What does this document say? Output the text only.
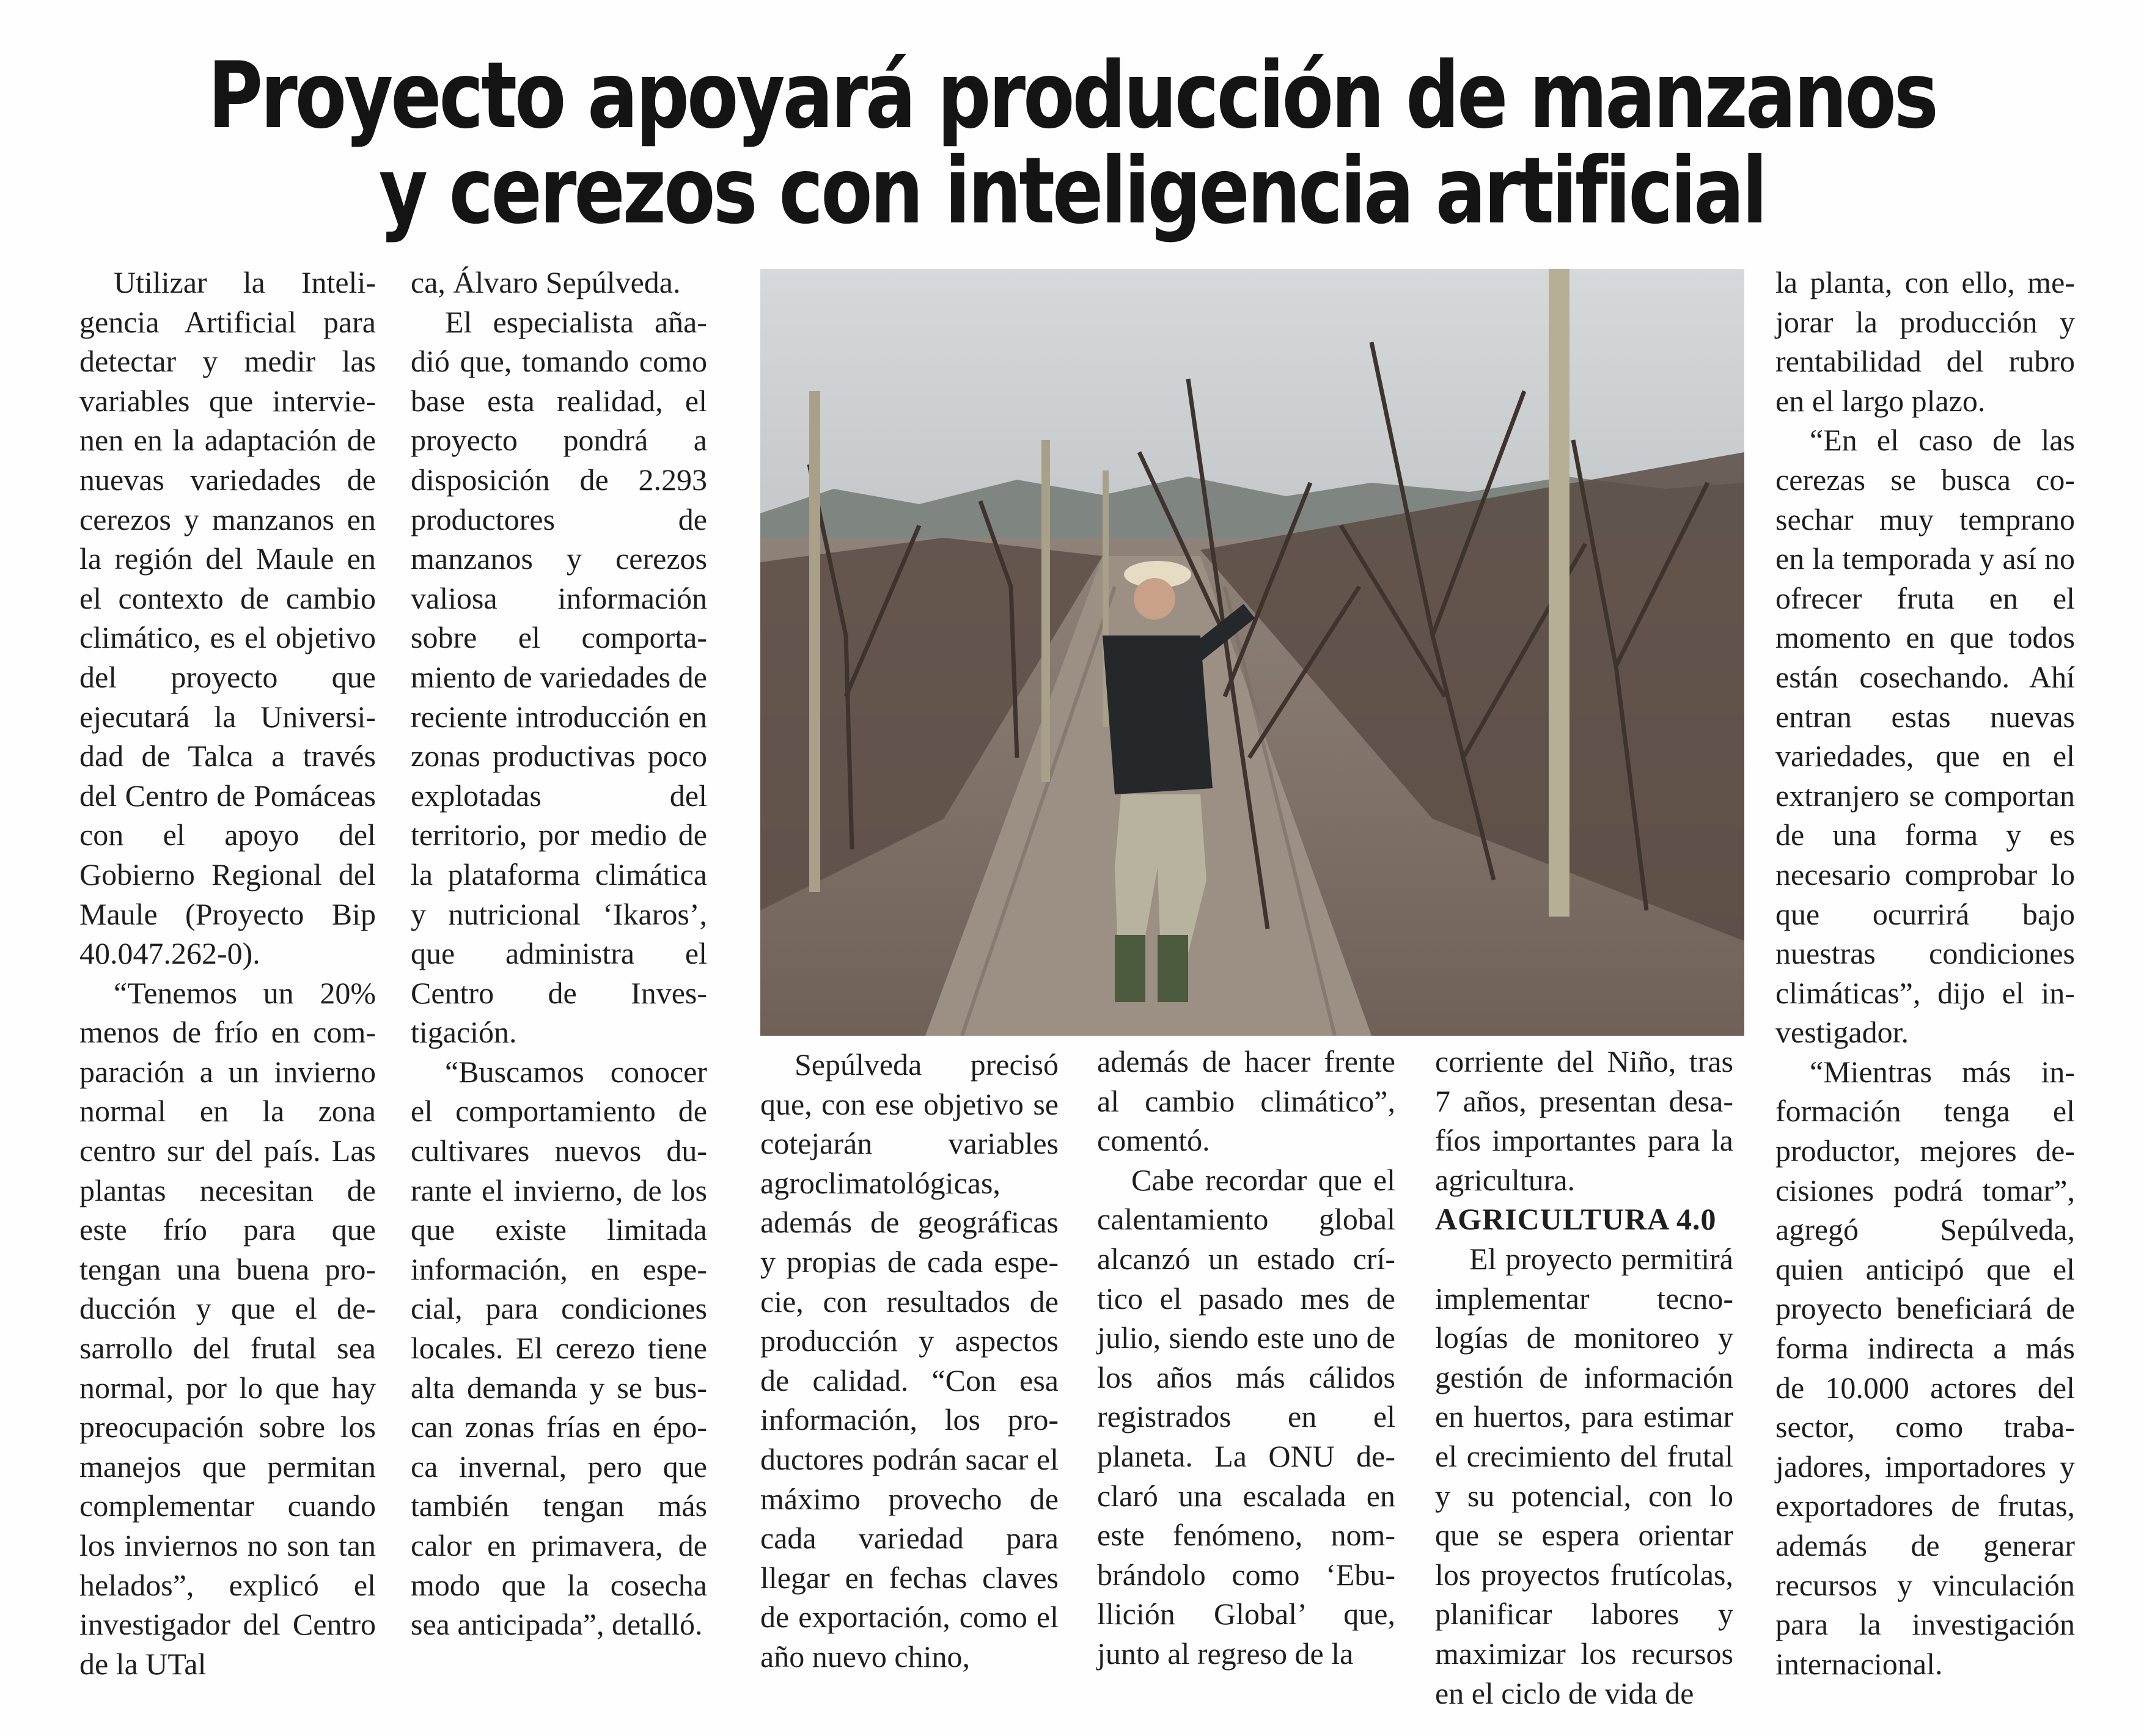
Proyecto apoyará producción de manzanos
y cerezos con inteligencia artificial

Utilizar la Inteligencia Artificial para detectar y medir las variables que intervienen en la adaptación de nuevas variedades de cerezos y manzanos en la región del Maule en el contexto de cambio climático, es el objetivo del proyecto que ejecutará la Universidad de Talca a través del Centro de Pomáceas con el apoyo del Gobierno Regional del Maule (Proyecto Bip 40.047.262-0).

“Tenemos un 20% menos de frío en comparación a un invierno normal en la zona centro sur del país. Las plantas necesitan de este frío para que tengan una buena producción y que el desarrollo del frutal sea normal, por lo que hay preocupación sobre los manejos que permitan complementar cuando los inviernos no son tan helados”, explicó el investigador del Centro de la UTal

ca, Álvaro Sepúlveda.

El especialista añadió que, tomando como base esta realidad, el proyecto pondrá a disposición de 2.293 productores de manzanos y cerezos valiosa información sobre el comportamiento de variedades de reciente introducción en zonas productivas poco explotadas del territorio, por medio de la plataforma climática y nutricional ‘Ikaros’, que administra el Centro de Investigación.

“Buscamos conocer el comportamiento de cultivares nuevos durante el invierno, de los que existe limitada información, en especial, para condiciones locales. El cerezo tiene alta demanda y se buscan zonas frías en época invernal, pero que también tengan más calor en primavera, de modo que la cosecha sea anticipada”, detalló.

Sepúlveda precisó que, con ese objetivo se cotejarán variables agroclimatológicas, además de geográficas y propias de cada especie, con resultados de producción y aspectos de calidad. “Con esa información, los productores podrán sacar el máximo provecho de cada variedad para llegar en fechas claves de exportación, como el año nuevo chino,

además de hacer frente al cambio climático”, comentó.

Cabe recordar que el calentamiento global alcanzó un estado crítico el pasado mes de julio, siendo este uno de los años más cálidos registrados en el planeta. La ONU declaró una escalada en este fenómeno, nombrándolo como ‘Ebullición Global’ que, junto al regreso de la

corriente del Niño, tras 7 años, presentan desafíos importantes para la agricultura.

AGRICULTURA 4.0

El proyecto permitirá implementar tecnologías de monitoreo y gestión de información en huertos, para estimar el crecimiento del frutal y su potencial, con lo que se espera orientar los proyectos frutícolas, planificar labores y maximizar los recursos en el ciclo de vida de

la planta, con ello, mejorar la producción y rentabilidad del rubro en el largo plazo.

“En el caso de las cerezas se busca cosechar muy temprano en la temporada y así no ofrecer fruta en el momento en que todos están cosechando. Ahí entran estas nuevas variedades, que en el extranjero se comportan de una forma y es necesario comprobar lo que ocurrirá bajo nuestras condiciones climáticas”, dijo el investigador.

“Mientras más información tenga el productor, mejores decisiones podrá tomar”, agregó Sepúlveda, quien anticipó que el proyecto beneficiará de forma indirecta a más de 10.000 actores del sector, como trabajadores, importadores y exportadores de frutas, además de generar recursos y vinculación para la investigación internacional.
